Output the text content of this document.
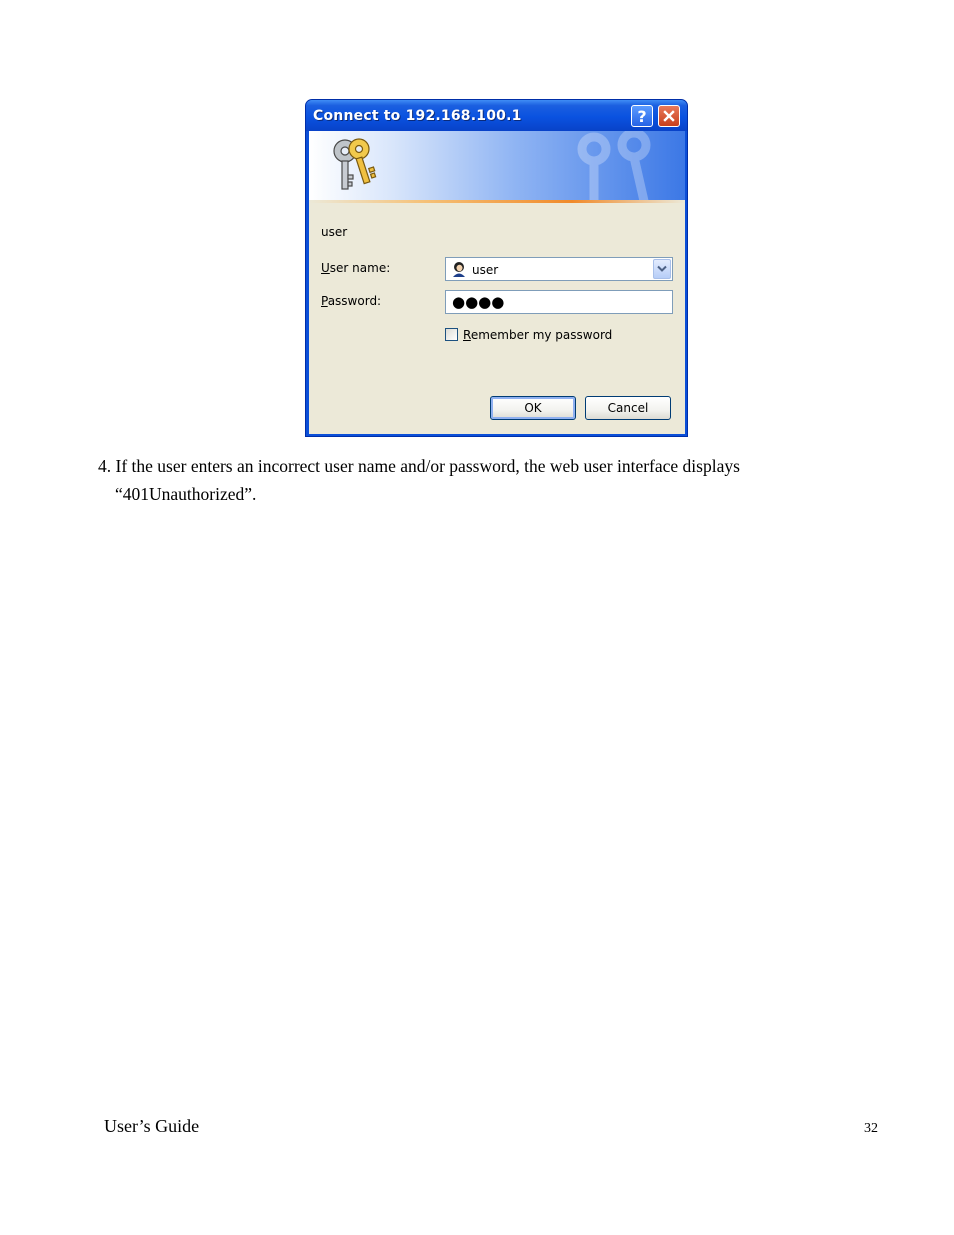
Connect to 192.168.100.1	?
user
User name:	user
Password:	●●●●
Remember my password
OK	Cancel
4. If the user enters an incorrect user name and/or password, the web user interface displays
“401Unauthorized”.
User’s Guide	32
